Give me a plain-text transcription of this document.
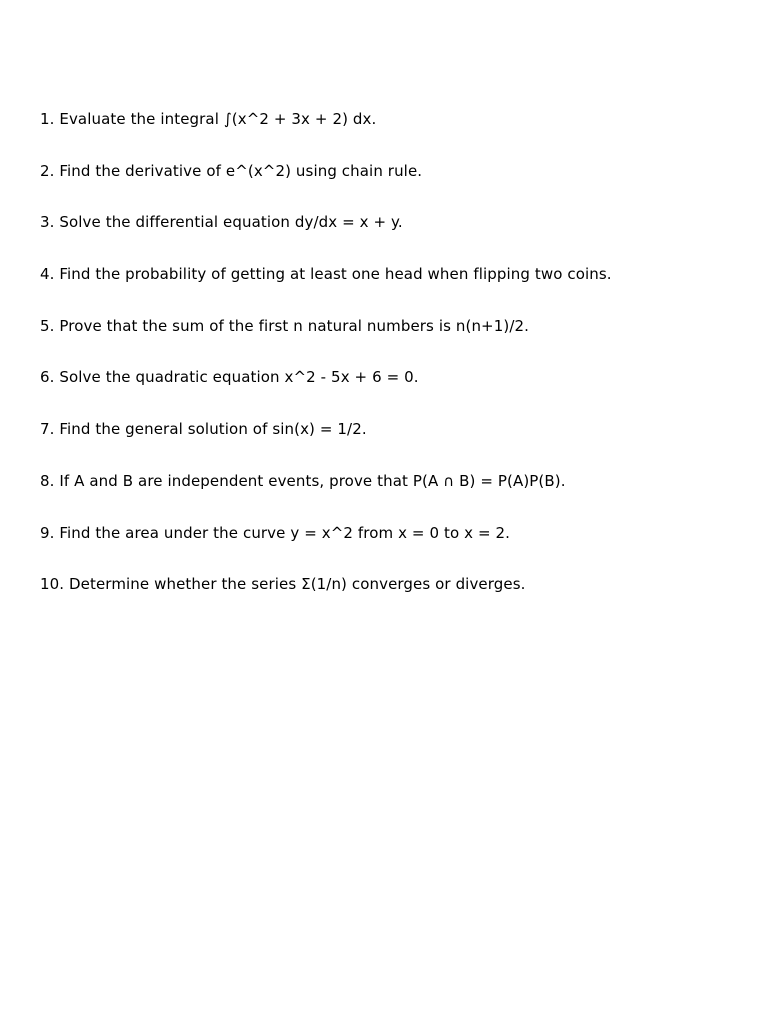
1. Evaluate the integral ∫(x^2 + 3x + 2) dx.
2. Find the derivative of e^(x^2) using chain rule.
3. Solve the differential equation dy/dx = x + y.
4. Find the probability of getting at least one head when flipping two coins.
5. Prove that the sum of the first n natural numbers is n(n+1)/2.
6. Solve the quadratic equation x^2 - 5x + 6 = 0.
7. Find the general solution of sin(x) = 1/2.
8. If A and B are independent events, prove that P(A ∩ B) = P(A)P(B).
9. Find the area under the curve y = x^2 from x = 0 to x = 2.
10. Determine whether the series Σ(1/n) converges or diverges.
